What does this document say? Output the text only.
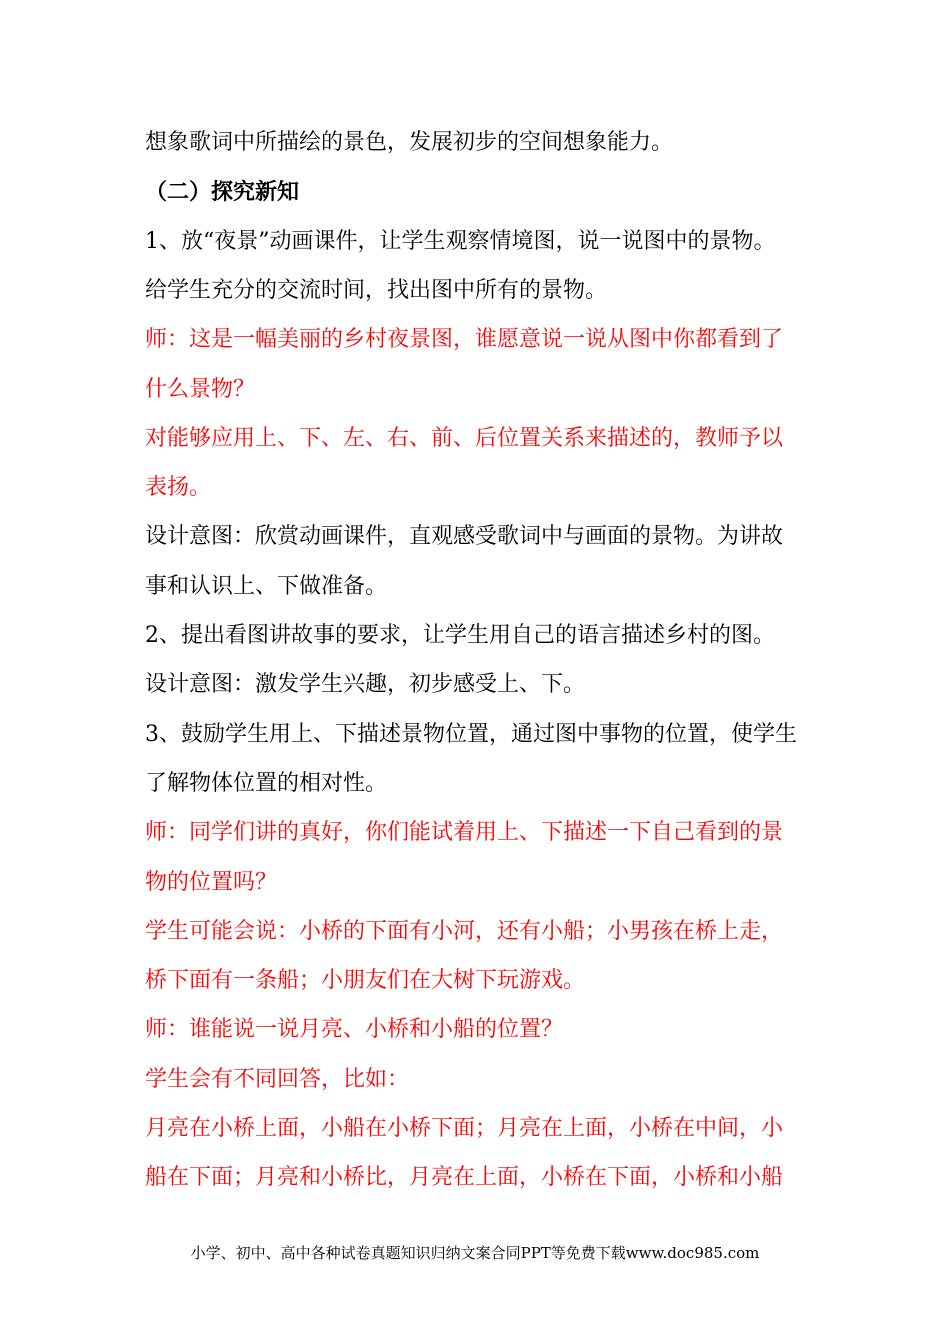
想象歌词中所描绘的景色，发展初步的空间想象能力。
（二）探究新知
1、放“夜景”动画课件，让学生观察情境图，说一说图中的景物。
给学生充分的交流时间，找出图中所有的景物。
师：这是一幅美丽的乡村夜景图，谁愿意说一说从图中你都看到了
什么景物？
对能够应用上、下、左、右、前、后位置关系来描述的，教师予以
表扬。
设计意图：欣赏动画课件，直观感受歌词中与画面的景物。为讲故
事和认识上、下做准备。
2、提出看图讲故事的要求，让学生用自己的语言描述乡村的图。
设计意图：激发学生兴趣，初步感受上、下。
3、鼓励学生用上、下描述景物位置，通过图中事物的位置，使学生
了解物体位置的相对性。
师：同学们讲的真好，你们能试着用上、下描述一下自己看到的景
物的位置吗？
学生可能会说：小桥的下面有小河，还有小船；小男孩在桥上走，
桥下面有一条船；小朋友们在大树下玩游戏。
师：谁能说一说月亮、小桥和小船的位置？
学生会有不同回答，比如：
月亮在小桥上面，小船在小桥下面；月亮在上面，小桥在中间，小
船在下面；月亮和小桥比，月亮在上面，小桥在下面，小桥和小船
小学、初中、高中各种试卷真题知识归纳文案合同PPT等免费下载www.doc985.com
